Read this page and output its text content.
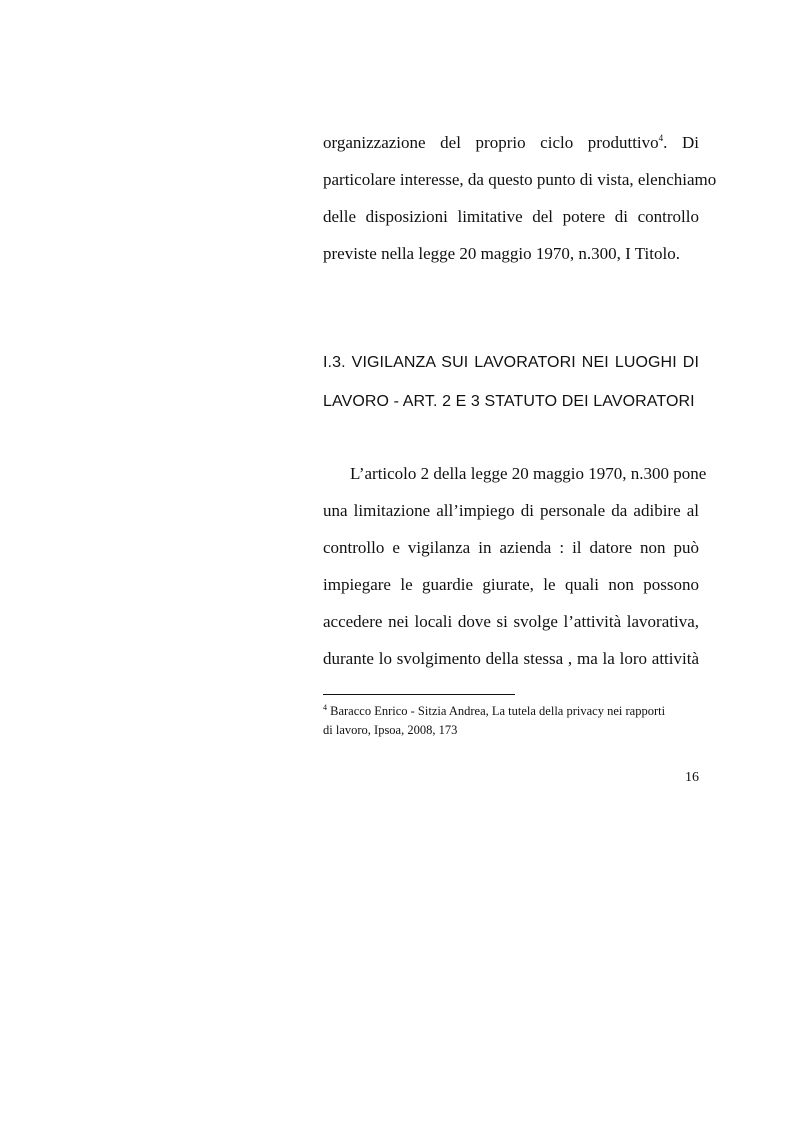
organizzazione del proprio ciclo produttivo$^4$. Di
particolare interesse, da questo punto di vista, elenchiamo
delle disposizioni limitative del potere di controllo
previste nella legge 20 maggio 1970, n.300, I Titolo.
I.3. VIGILANZA SUI LAVORATORI NEI LUOGHI DI
LAVORO - ART. 2 E 3 STATUTO DEI LAVORATORI
L’articolo 2 della legge 20 maggio 1970, n.300 pone
una limitazione all’impiego di personale da adibire al
controllo e vigilanza in azienda : il datore non può
impiegare le guardie giurate, le quali non possono
accedere nei locali dove si svolge l’attività lavorativa,
durante lo svolgimento della stessa , ma la loro attività
$^4$ Baracco Enrico - Sitzia Andrea, La tutela della privacy nei rapporti
di lavoro, Ipsoa, 2008, 173
16
